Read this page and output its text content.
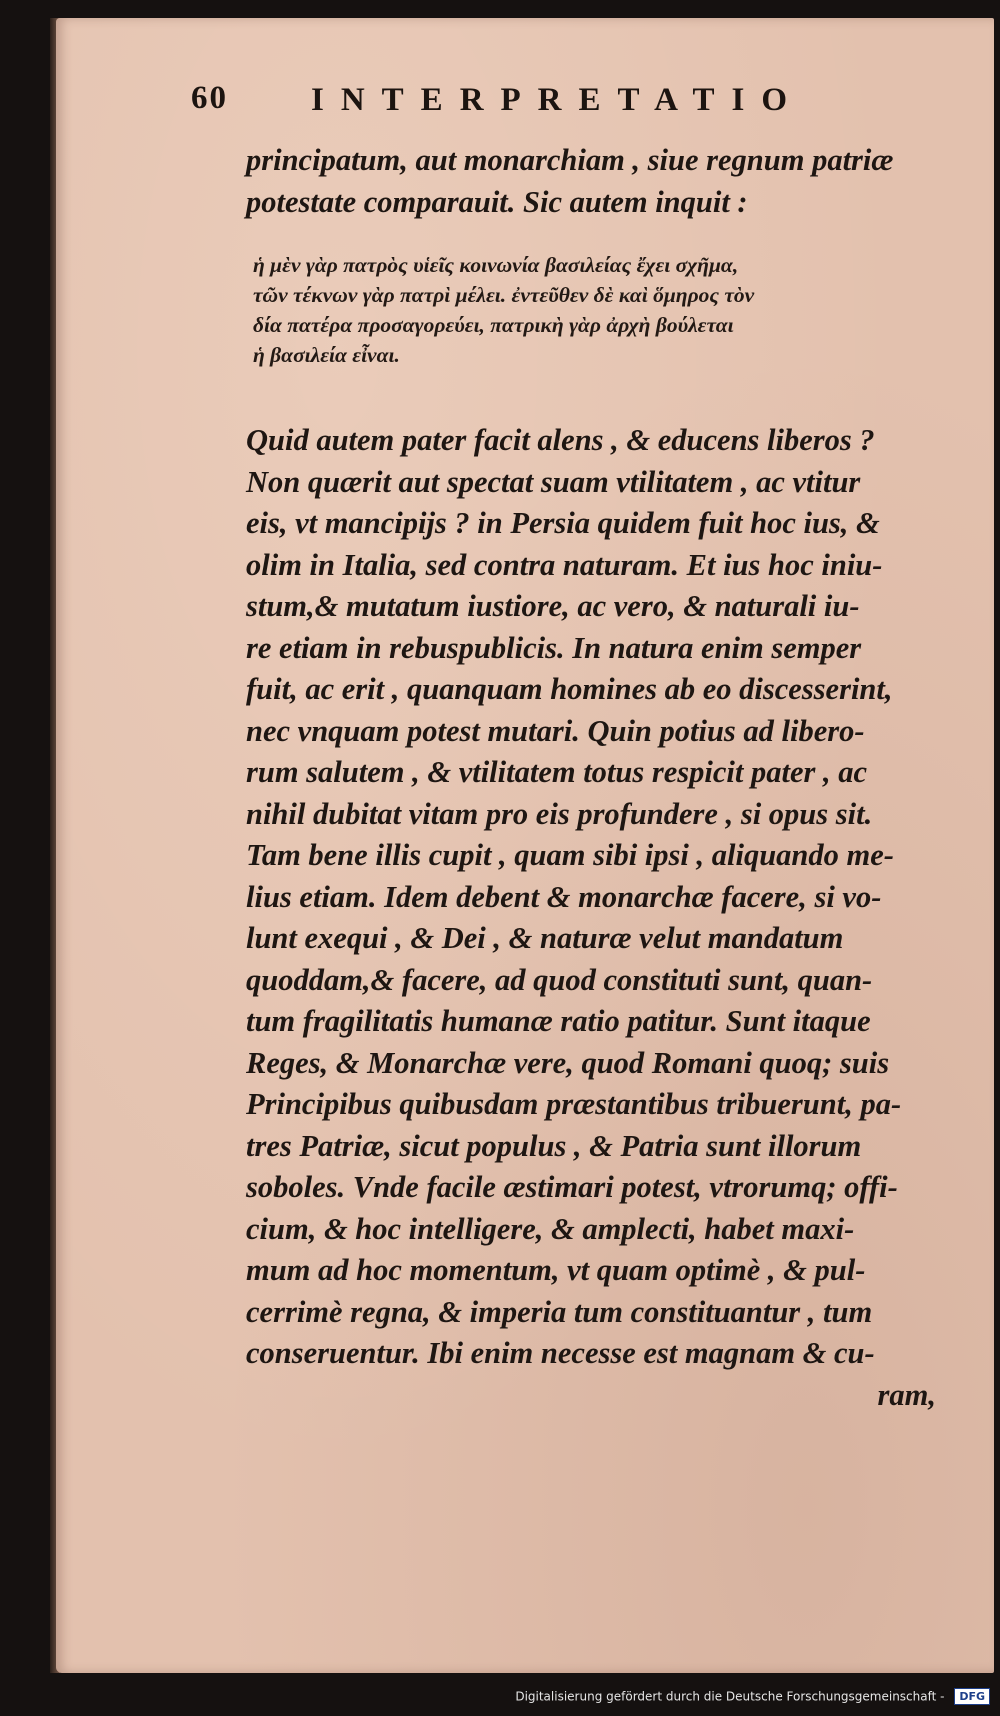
60	INTERPRETATIO
principatum, aut monarchiam , siue regnum patriæ
potestate comparauit. Sic autem inquit :
ἡ μὲν γὰρ πατρὸς υἱεῖς κοινωνία βασιλείας ἔχει σχῆμα,
τῶν τέκνων γὰρ πατρὶ μέλει. ἐντεῦθεν δὲ καὶ ὅμηρος τὸν
δία πατέρα προσαγορεύει, πατρικὴ γὰρ ἀρχὴ βούλεται
ἡ βασιλεία εἶναι.
Quid autem pater facit alens , & educens liberos ?
Non quærit aut spectat suam vtilitatem , ac vtitur
eis, vt mancipijs ? in Persia quidem fuit hoc ius, &
olim in Italia, sed contra naturam. Et ius hoc iniu-
stum,& mutatum iustiore, ac vero, & naturali iu-
re etiam in rebuspublicis. In natura enim semper
fuit, ac erit , quanquam homines ab eo discesserint,
nec vnquam potest mutari. Quin potius ad libero-
rum salutem , & vtilitatem totus respicit pater , ac
nihil dubitat vitam pro eis profundere , si opus sit.
Tam bene illis cupit , quam sibi ipsi , aliquando me-
lius etiam. Idem debent & monarchæ facere, si vo-
lunt exequi , & Dei , & naturæ velut mandatum
quoddam,& facere, ad quod constituti sunt, quan-
tum fragilitatis humanæ ratio patitur. Sunt itaque
Reges, & Monarchæ vere, quod Romani quoq; suis
Principibus quibusdam præstantibus tribuerunt, pa-
tres Patriæ, sicut populus , & Patria sunt illorum
soboles. Vnde facile æstimari potest, vtrorumq; offi-
cium, & hoc intelligere, & amplecti, habet maxi-
mum ad hoc momentum, vt quam optimè , & pul-
cerrimè regna, & imperia tum constituantur , tum
conseruentur. Ibi enim necesse est magnam & cu-
ram,
Digitalisierung gefördert durch die Deutsche Forschungsgemeinschaft - DFG
